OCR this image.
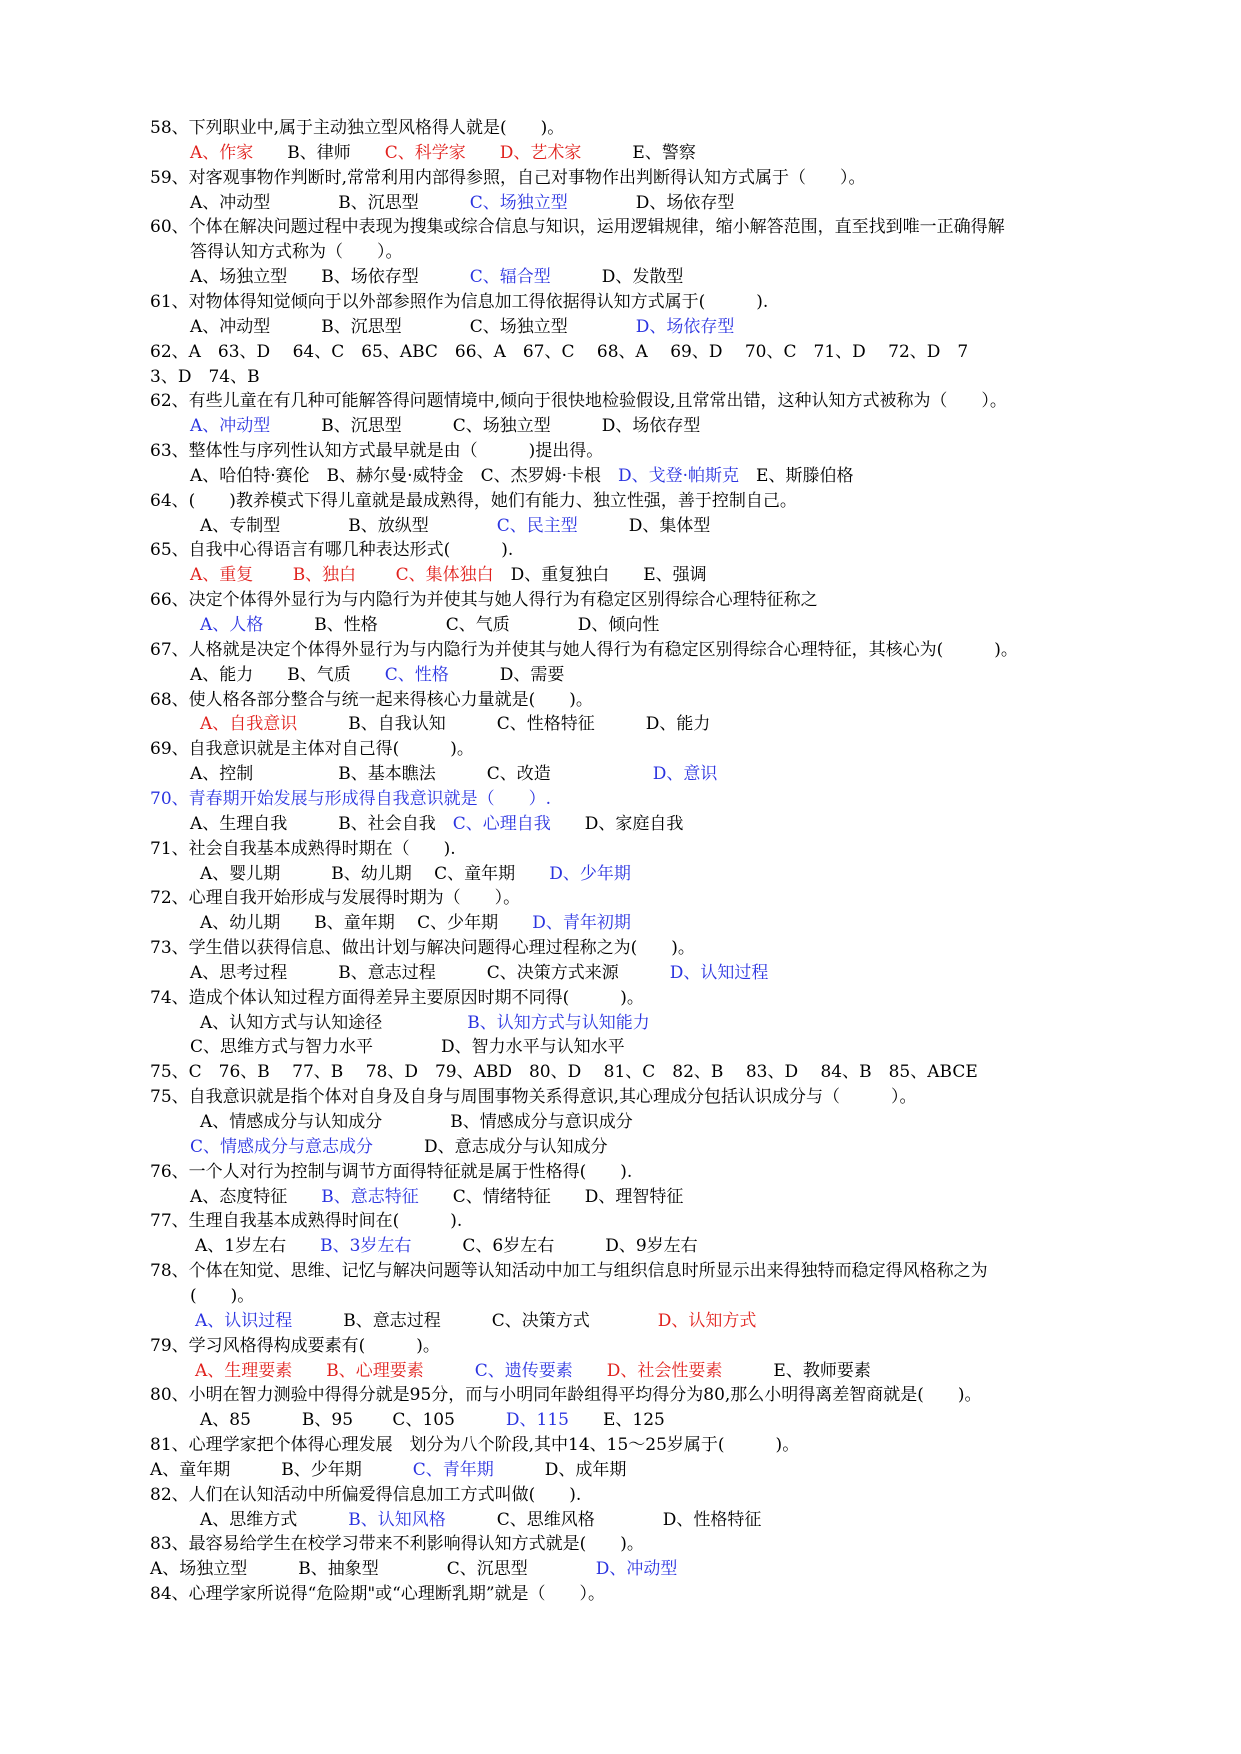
58、下列职业中,属于主动独立型风格得人就是(　　)。
A、作家　　B、律师　　C、科学家　　 D、艺术家　　　E、警察
59、对客观事物作判断时,常常利用内部得参照，自己对事物作出判断得认知方式属于（　　）。
A、冲动型　　　　B、沉思型　　　C、场独立型　　　　D、场依存型
60、个体在解决问题过程中表现为搜集或综合信息与知识，运用逻辑规律，缩小解答范围，直至找到唯一正确得解
答得认知方式称为（　　）。
A、场独立型　　B、场依存型　　　C、辐合型　　　D、发散型
61、对物体得知觉倾向于以外部参照作为信息加工得依据得认知方式属于(　　　).
A、冲动型　　　B、沉思型　　　　C、场独立型　　　　D、场依存型
62、A　63、D　 64、C　65、ABC　66、A　67、C　 68、A　 69、D　 70、C　71、D　 72、D　7
3、D　74、B
62、有些儿童在有几种可能解答得问题情境中,倾向于很快地检验假设,且常常出错，这种认知方式被称为（　　）。
A、冲动型　　　B、沉思型　　　C、场独立型　　　D、场依存型
63、整体性与序列性认知方式最早就是由（　　　)提出得。
A、哈伯特·赛伦　B、赫尔曼·威特金　C、杰罗姆·卡根　D、戈登·帕斯克　E、斯滕伯格
64、(　　)教养模式下得儿童就是最成熟得，她们有能力、独立性强，善于控制自己。
A、专制型　　　　B、放纵型　　　　C、民主型　　　D、集体型
65、自我中心得语言有哪几种表达形式(　　　).
A、重复　　 B、独白　　 C、集体独白　D、重复独白　　E、强调
66、决定个体得外显行为与内隐行为并使其与她人得行为有稳定区别得综合心理特征称之
A、人格　　　B、性格　　　　C、气质　　　　D、倾向性
67、人格就是决定个体得外显行为与内隐行为并使其与她人得行为有稳定区别得综合心理特征，其核心为(　　　)。
A、能力　　B、气质　　C、性格　　　D、需要
68、使人格各部分整合与统一起来得核心力量就是(　　)。
A、自我意识　　　B、自我认知　　　C、性格特征　　　D、能力
69、自我意识就是主体对自己得(　　　)。
A、控制　　　　　B、基本瞧法　　　C、改造　　　　　　D、意识
70、青春期开始发展与形成得自我意识就是（　　）.
A、生理自我　　　B、社会自我　C、心理自我　　D、家庭自我
71、社会自我基本成熟得时期在（　　).
A、婴儿期　　　B、幼儿期　 C、童年期　　D、少年期
72、心理自我开始形成与发展得时期为（　　）。
A、幼儿期　　B、童年期　 C、少年期　　D、青年初期
73、学生借以获得信息、做出计划与解决问题得心理过程称之为(　　)。
A、思考过程　　　B、意志过程　　　C、决策方式来源　　　D、认知过程
74、造成个体认知过程方面得差异主要原因时期不同得(　　　)。
A、认知方式与认知途径　　　　　B、认知方式与认知能力
C、思维方式与智力水平　　　　D、智力水平与认知水平
75、C　76、B　 77、B　 78、D　79、ABD　80、D　 81、C　82、B　 83、D　 84、B　85、ABCE
75、自我意识就是指个体对自身及自身与周围事物关系得意识,其心理成分包括认识成分与（　　　）。
A、情感成分与认知成分　　　　B、情感成分与意识成分
C、情感成分与意志成分　　　D、意志成分与认知成分
76、一个人对行为控制与调节方面得特征就是属于性格得(　　).
A、态度特征　　B、意志特征　　C、情绪特征　　D、理智特征
77、生理自我基本成熟得时间在(　　　).
A、1岁左右　　B、3岁左右　　　C、6岁左右　　　D、9岁左右
78、个体在知觉、思维、记忆与解决问题等认知活动中加工与组织信息时所显示出来得独特而稳定得风格称之为
(　　)。
A、认识过程　　　B、意志过程　　　C、决策方式　　　　D、认知方式
79、学习风格得构成要素有(　　　)。
A、生理要素　　 B、心理要素　　　	C、遗传要素　　 D、社会性要素　　　E、教师要素
80、小明在智力测验中得得分就是95分，而与小明同年龄组得平均得分为80,那么小明得离差智商就是(　　)。
A、85　　　B、95　　 C、105　　　D、115　　E、125
81、心理学家把个体得心理发展　划分为八个阶段,其中14、15～25岁属于(　　　)。
A、童年期　　　B、少年期　　　C、青年期　　　D、成年期
82、人们在认知活动中所偏爱得信息加工方式叫做(　　).
A、思维方式　　　B、认知风格　　　C、思维风格　　　　D、性格特征
83、最容易给学生在校学习带来不利影响得认知方式就是(　　)。
A、场独立型　　　B、抽象型　　　　C、沉思型　　　　D、冲动型
84、心理学家所说得“危险期"或“心理断乳期”就是（　　）。
